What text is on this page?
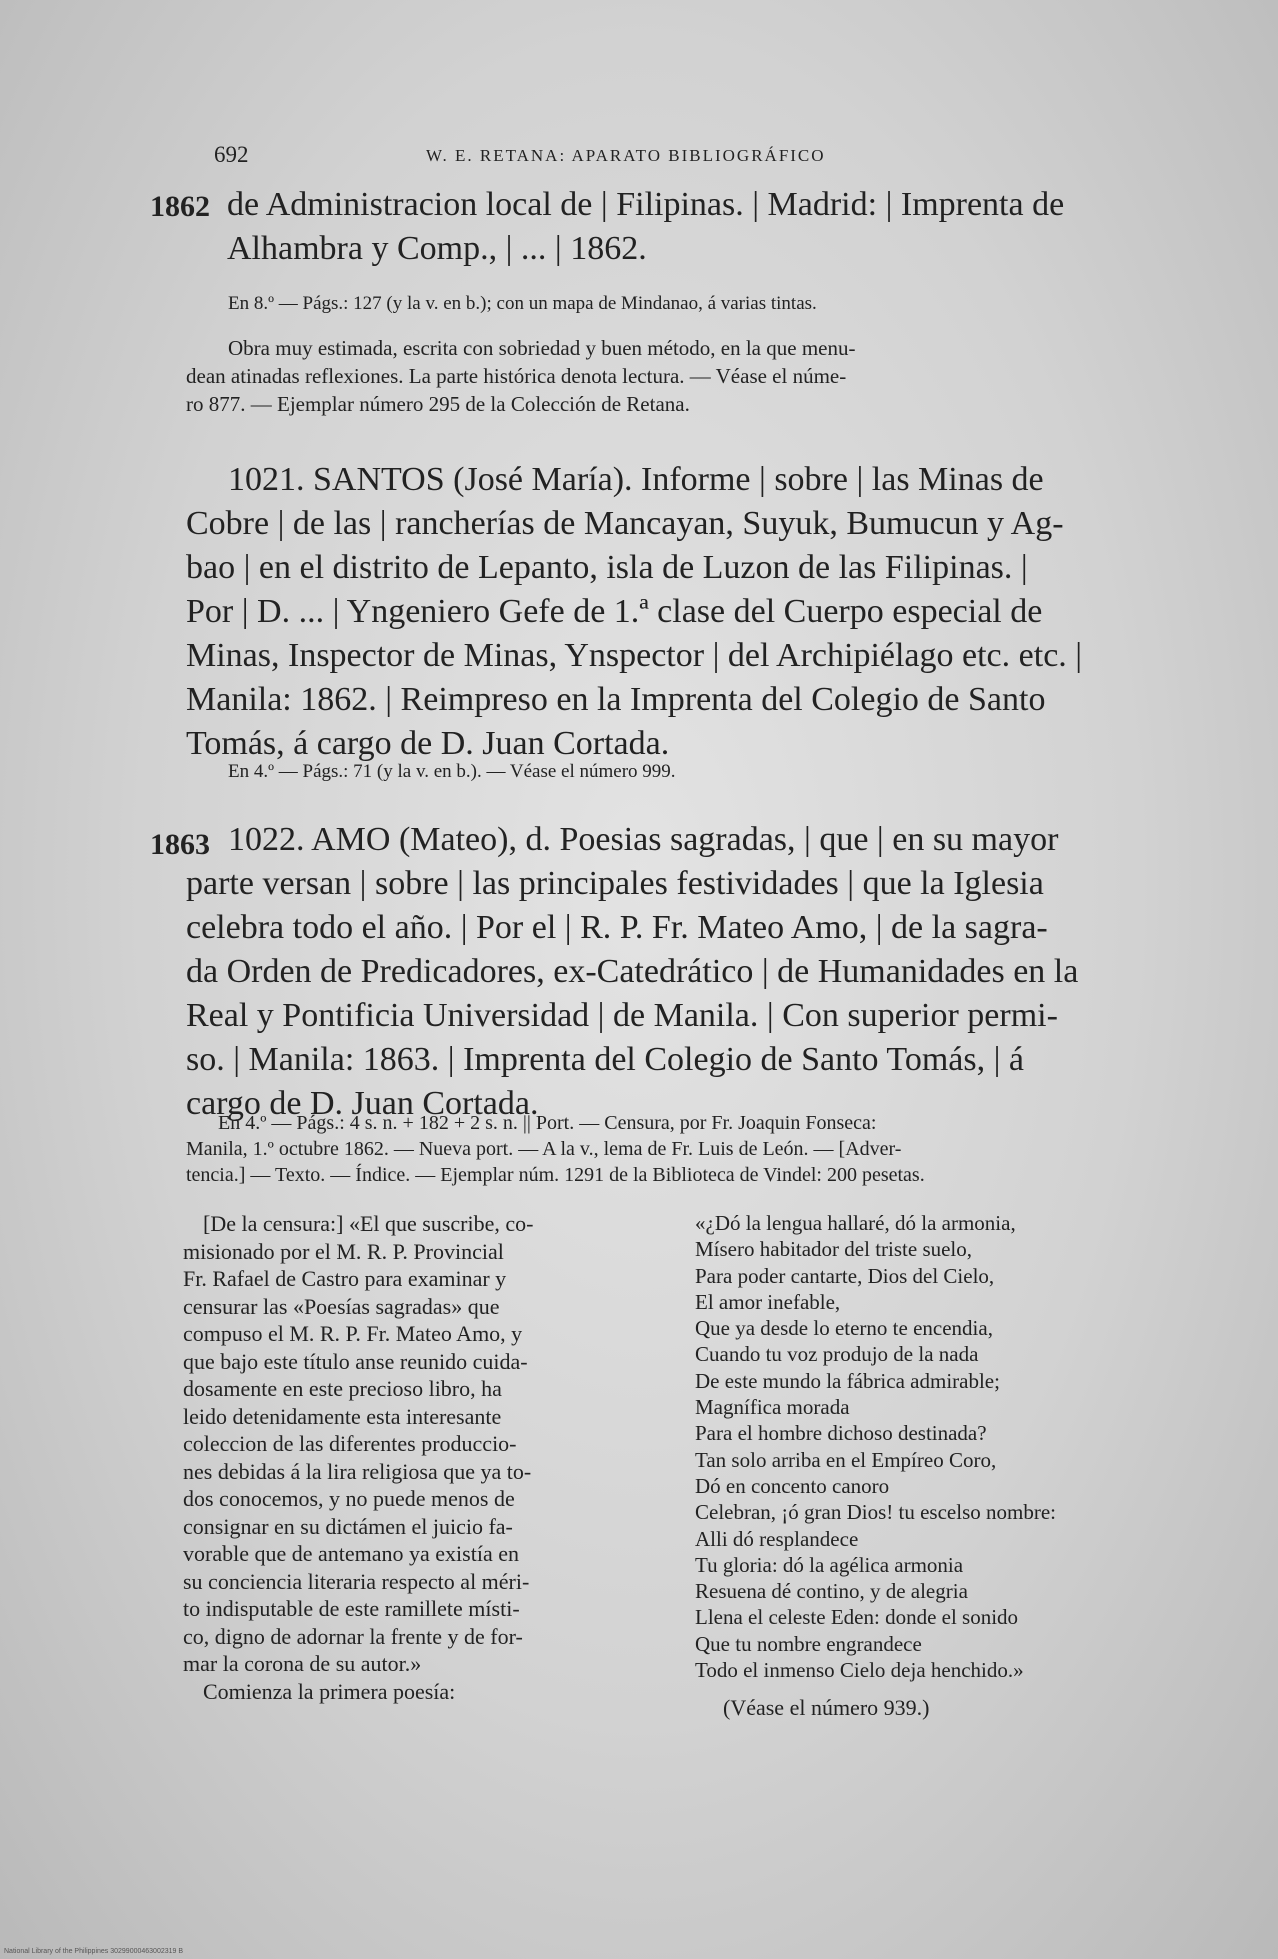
692	W. E. RETANA: APARATO BIBLIOGRÁFICO
1862 de Administracion local de | Filipinas. | Madrid: | Imprenta de
Alhambra y Comp., | ... | 1862.
En 8.º — Págs.: 127 (y la v. en b.); con un mapa de Mindanao, á varias tintas.
Obra muy estimada, escrita con sobriedad y buen método, en la que menu-
dean atinadas reflexiones. La parte histórica denota lectura. — Véase el núme-
ro 877. — Ejemplar número 295 de la Colección de Retana.
1021. SANTOS (José María). Informe | sobre | las Minas de
Cobre | de las | rancherías de Mancayan, Suyuk, Bumucun y Ag-
bao | en el distrito de Lepanto, isla de Luzon de las Filipinas. |
Por | D. ... | Yngeniero Gefe de 1.ª clase del Cuerpo especial de
Minas, Inspector de Minas, Ynspector | del Archipiélago etc. etc. |
Manila: 1862. | Reimpreso en la Imprenta del Colegio de Santo
Tomás, á cargo de D. Juan Cortada.
En 4.º — Págs.: 71 (y la v. en b.). — Véase el número 999.
1863 1022. AMO (Mateo), d. Poesias sagradas, | que | en su mayor
parte versan | sobre | las principales festividades | que la Iglesia
celebra todo el año. | Por el | R. P. Fr. Mateo Amo, | de la sagra-
da Orden de Predicadores, ex-Catedrático | de Humanidades en la
Real y Pontificia Universidad | de Manila. | Con superior permi-
so. | Manila: 1863. | Imprenta del Colegio de Santo Tomás, | á
cargo de D. Juan Cortada.
En 4.º — Págs.: 4 s. n. + 182 + 2 s. n. || Port. — Censura, por Fr. Joaquin Fonseca:
Manila, 1.º octubre 1862. — Nueva port. — A la v., lema de Fr. Luis de León. — [Adver-
tencia.] — Texto. — Índice. — Ejemplar núm. 1291 de la Biblioteca de Vindel: 200 pesetas.
[De la censura:] «El que suscribe, co-
misionado por el M. R. P. Provincial
Fr. Rafael de Castro para examinar y
censurar las «Poesías sagradas» que
compuso el M. R. P. Fr. Mateo Amo, y
que bajo este título anse reunido cuida-
dosamente en este precioso libro, ha
leido detenidamente esta interesante
coleccion de las diferentes produccio-
nes debidas á la lira religiosa que ya to-
dos conocemos, y no puede menos de
consignar en su dictámen el juicio fa-
vorable que de antemano ya existía en
su conciencia literaria respecto al méri-
to indisputable de este ramillete místi-
co, digno de adornar la frente y de for-
mar la corona de su autor.»
Comienza la primera poesía:
«¿Dó la lengua hallaré, dó la armonia,
Mísero habitador del triste suelo,
Para poder cantarte, Dios del Cielo,
El amor inefable,
Que ya desde lo eterno te encendia,
Cuando tu voz produjo de la nada
De este mundo la fábrica admirable;
Magnífica morada
Para el hombre dichoso destinada?
Tan solo arriba en el Empíreo Coro,
Dó en concento canoro
Celebran, ¡ó gran Dios! tu escelso nombre:
Alli dó resplandece
Tu gloria: dó la agélica armonia
Resuena dé contino, y de alegria
Llena el celeste Eden: donde el sonido
Que tu nombre engrandece
Todo el inmenso Cielo deja henchido.»
(Véase el número 939.)
National Library of the Philippines 30299000463002319 B
